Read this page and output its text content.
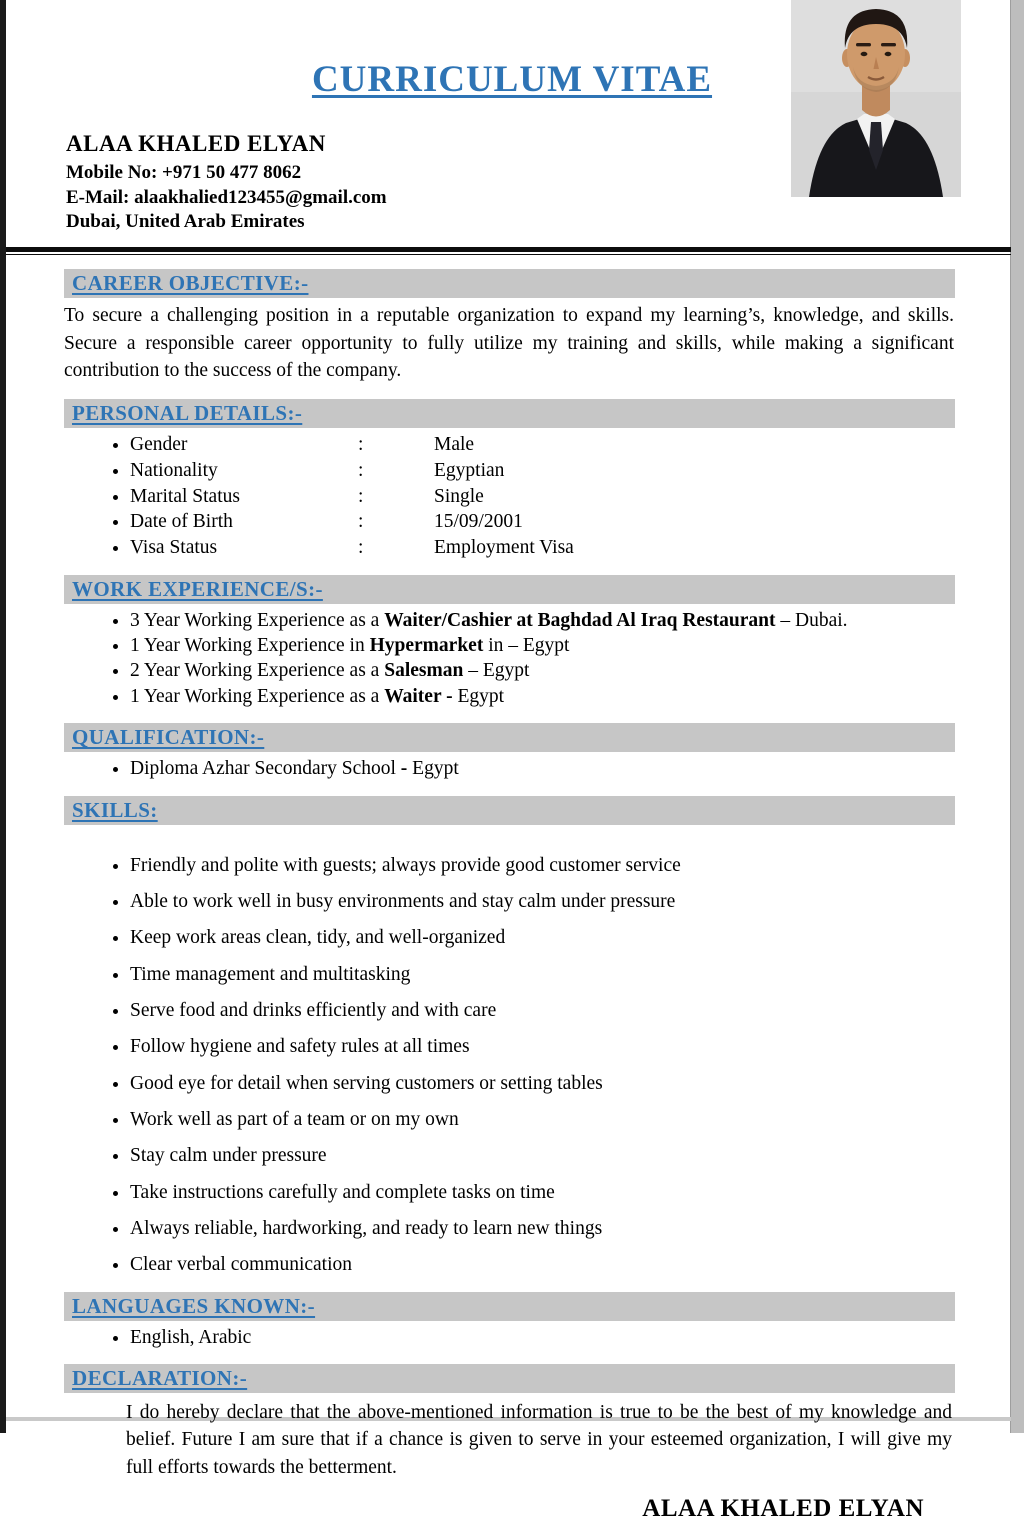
CURRICULUM VITAE
ALAA KHALED ELYAN
Mobile No: +971 50 477 8062
E-Mail: alaakhalied123455@gmail.com
Dubai, United Arab Emirates
CAREER OBJECTIVE:-

To secure a challenging position in a reputable organization to expand my learning’s, knowledge, and skills. Secure a responsible career opportunity to fully utilize my training and skills, while making a significant contribution to the success of the company.

PERSONAL DETAILS:-
• Gender	:	Male
• Nationality	:	Egyptian
• Marital Status	:	Single
• Date of Birth	:	15/09/2001
• Visa Status	:	Employment Visa
WORK EXPERIENCE/S:-
• 3 Year Working Experience as a Waiter/Cashier at Baghdad Al Iraq Restaurant – Dubai.
• 1 Year Working Experience in Hypermarket in – Egypt
• 2 Year Working Experience as a Salesman – Egypt
• 1 Year Working Experience as a Waiter - Egypt
QUALIFICATION:-
• Diploma Azhar Secondary School - Egypt
SKILLS:
• Friendly and polite with guests; always provide good customer service
• Able to work well in busy environments and stay calm under pressure
• Keep work areas clean, tidy, and well-organized
• Time management and multitasking
• Serve food and drinks efficiently and with care
• Follow hygiene and safety rules at all times
• Good eye for detail when serving customers or setting tables
• Work well as part of a team or on my own
• Stay calm under pressure
• Take instructions carefully and complete tasks on time
• Always reliable, hardworking, and ready to learn new things
• Clear verbal communication
LANGUAGES KNOWN:-
• English, Arabic
DECLARATION:-

I do hereby declare that the above-mentioned information is true to be the best of my knowledge and belief. Future I am sure that if a chance is given to serve in your esteemed organization, I will give my full efforts towards the betterment.

ALAA KHALED ELYAN
